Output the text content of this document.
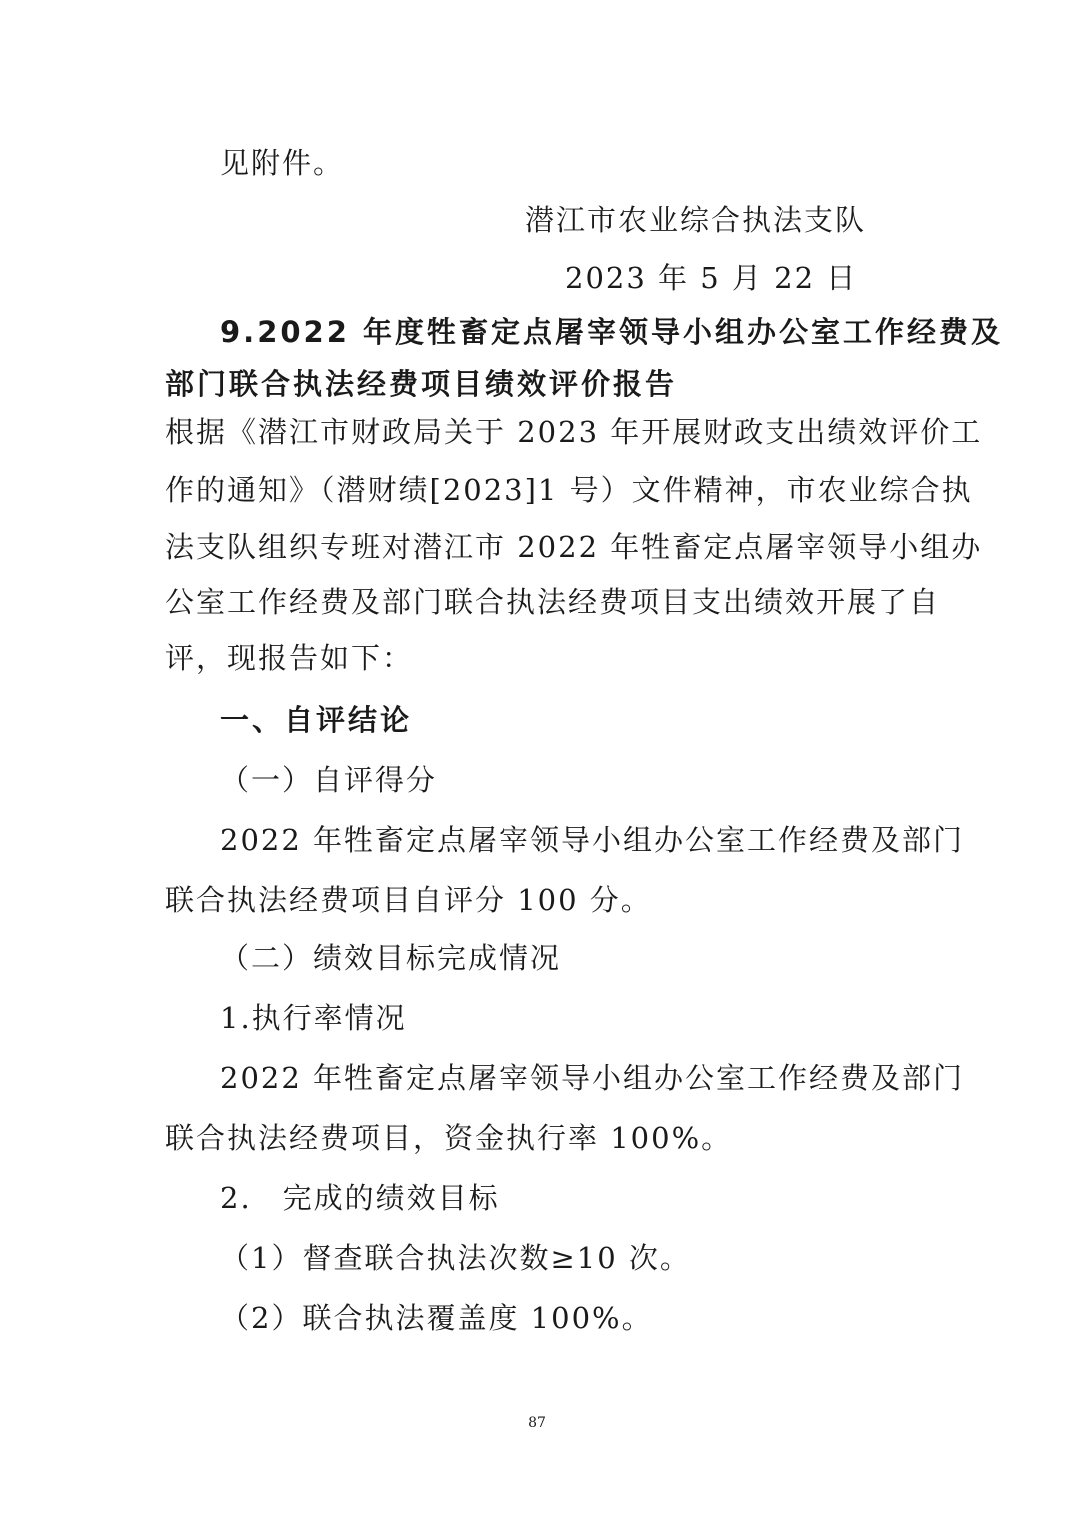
见附件。
潜江市农业综合执法支队
2023 年 5 月 22 日
9.2022 年度牲畜定点屠宰领导小组办公室工作经费及
部门联合执法经费项目绩效评价报告
根据《潜江市财政局关于 2023 年开展财政支出绩效评价工
作的通知》（潜财绩[2023]1 号）文件精神，市农业综合执
法支队组织专班对潜江市 2022 年牲畜定点屠宰领导小组办
公室工作经费及部门联合执法经费项目支出绩效开展了自
评，现报告如下：
一、自评结论
（一）自评得分
2022 年牲畜定点屠宰领导小组办公室工作经费及部门
联合执法经费项目自评分 100 分。
（二）绩效目标完成情况
1.执行率情况
2022 年牲畜定点屠宰领导小组办公室工作经费及部门
联合执法经费项目，资金执行率 100%。
2.　完成的绩效目标
（1）督查联合执法次数≥10 次。
（2）联合执法覆盖度 100%。
87
